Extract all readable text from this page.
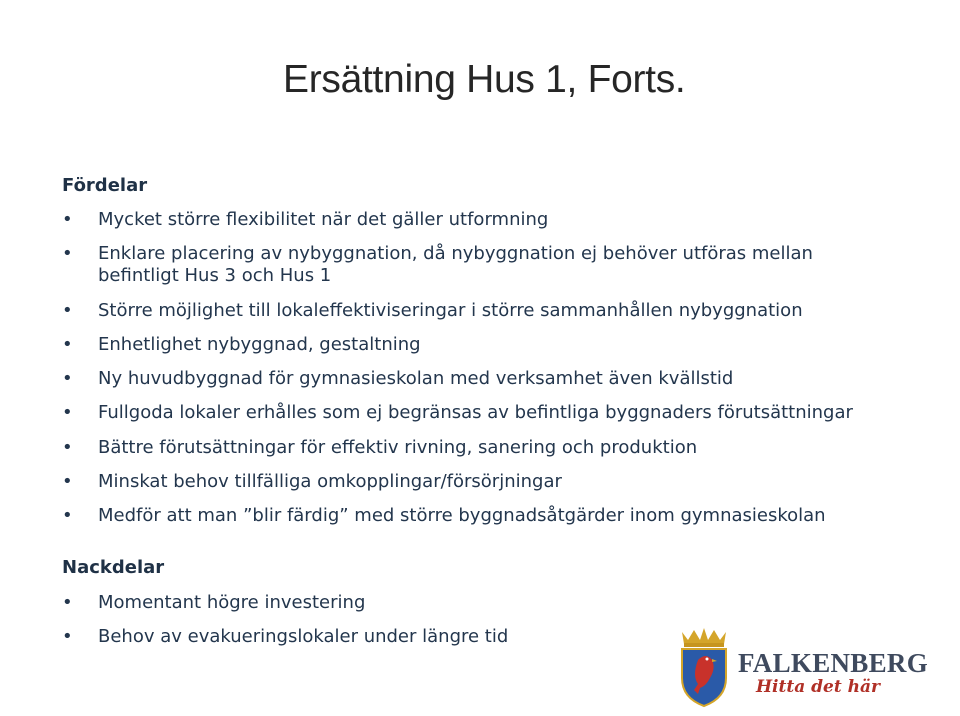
Ersättning Hus 1, Forts.
Fördelar
• Mycket större flexibilitet när det gäller utformning
• Enklare placering av nybyggnation, då nybyggnation ej behöver utföras mellan befintligt Hus 3 och Hus 1
• Större möjlighet till lokaleffektiviseringar i större sammanhållen nybyggnation
• Enhetlighet nybyggnad, gestaltning
• Ny huvudbyggnad för gymnasieskolan med verksamhet även kvällstid
• Fullgoda lokaler erhålles som ej begränsas av befintliga byggnaders förutsättningar
• Bättre förutsättningar för effektiv rivning, sanering och produktion
• Minskat behov tillfälliga omkopplingar/försörjningar
• Medför att man ”blir färdig” med större byggnadsåtgärder inom gymnasieskolan
Nackdelar
• Momentant högre investering
• Behov av evakueringslokaler under längre tid
FALKENBERG
Hitta det här
